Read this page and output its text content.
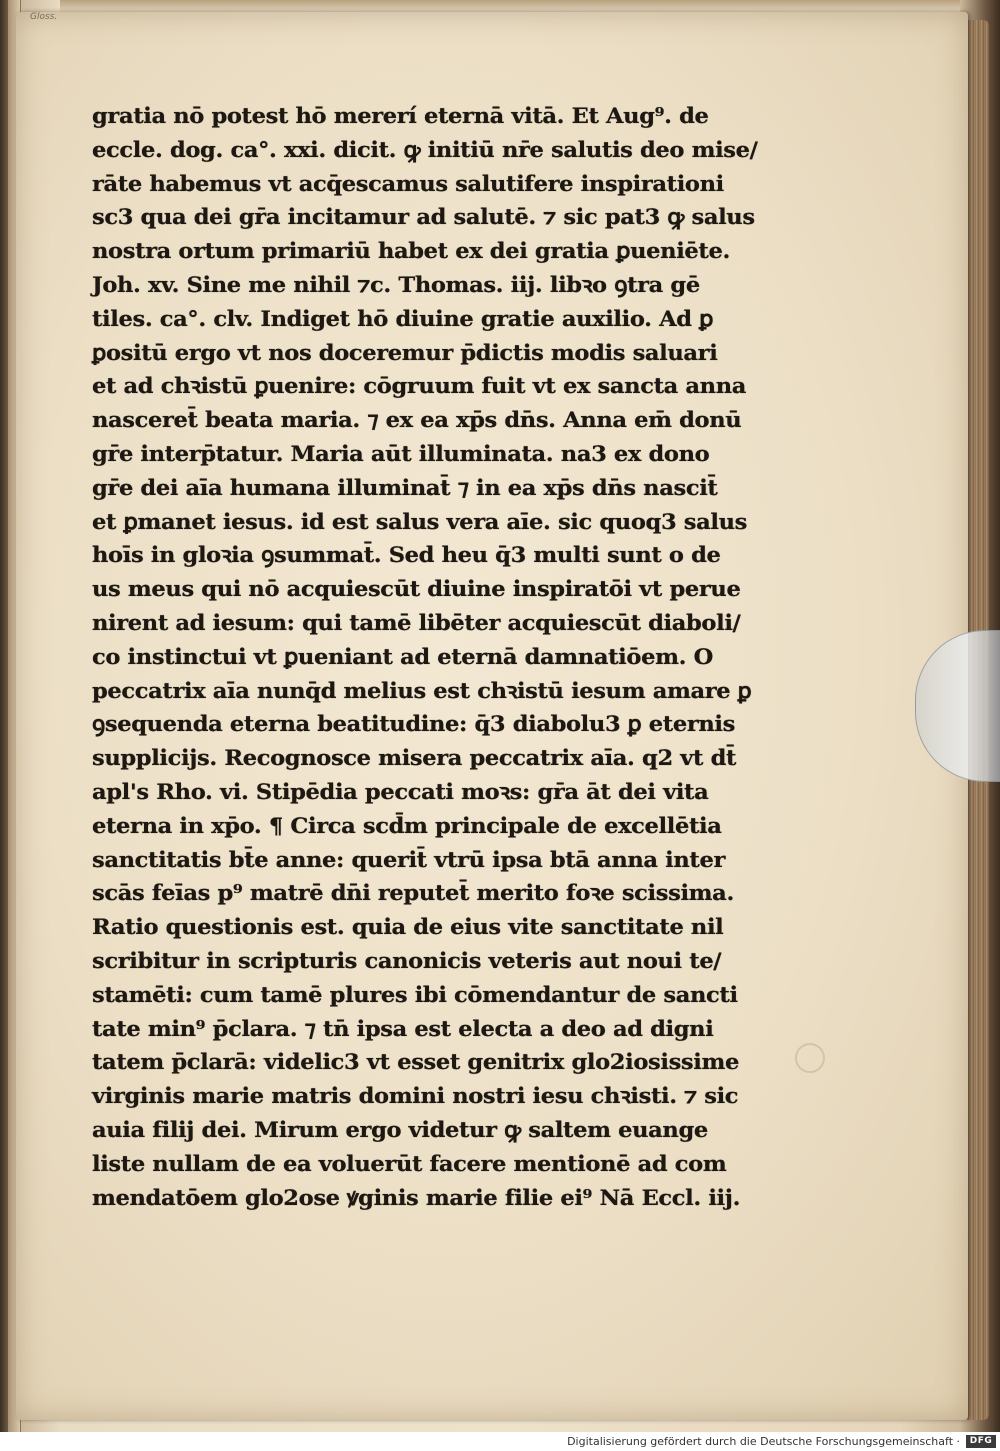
Gloss.
gratia nō potest hō mererí eternā vitā. Et Aug⁹. de
eccle. dog. ca°. xxi. dicit. ꝙ initiū nr̄e salutis deo mise/
rāte habemus vt acq̄escamus salutifere inspirationi
sc3 qua dei gr̄a incitamur ad salutē. ⁊ sic pat3 ꝙ salus
nostra ortum primariū habet ex dei gratia ꝑueniēte.
Joh. xv. Sine me nihil ⁊c. Thomas. iij. libꝛo ꝯtra gē
tiles. ca°. clv. Indiget hō diuine gratie auxilio. Ad ꝑ
ꝑositū ergo vt nos doceremur p̄dictis modis saluari
et ad chꝛistū ꝑuenire: cōgruum fuit vt ex sancta anna
nasceret̄ beata maria. ⁊ ex ea xp̄s dn̄s. Anna em̄ donū
gr̄e interp̄tatur. Maria aūt illuminata. na3 ex dono
gr̄e dei aīa humana illuminat̄ ⁊ in ea xp̄s dn̄s nascit̄
et ꝑmanet iesus. id est salus vera aīe. sic quoq3 salus
hoīs in gloꝛia ꝯsummat̄. Sed heu q̄3 multi sunt o de
us meus qui nō acquiescūt diuine inspiratōi vt perue
nirent ad iesum: qui tamē libēter acquiescūt diaboli/
co instinctui vt ꝑueniant ad eternā damnatiōem. O
peccatrix aīa nunq̄d melius est chꝛistū iesum amare ꝑ
ꝯsequenda eterna beatitudine: q̄3 diabolu3 ꝑ eternis
supplicijs. Recognosce misera peccatrix aīa. q2 vt dt̄
apl's Rho. vi. Stipēdia peccati moꝛs: gr̄a āt dei vita
eterna in xp̄o. ¶ Circa scd̄m principale de excellētia
sanctitatis bt̄e anne: querit̄ vtrū ipsa btā anna inter
scās feīas p⁹ matrē dn̄i reputet̄ merito foꝛe scissima.
Ratio questionis est. quia de eius vite sanctitate nil
scribitur in scripturis canonicis veteris aut noui te/
stamēti: cum tamē plures ibi cōmendantur de sancti
tate min⁹ p̄clara. ⁊ tn̄ ipsa est electa a deo ad digni
tatem p̄clarā: videlic3 vt esset genitrix glo2iosissime
virginis marie matris domini nostri iesu chꝛisti. ⁊ sic
auia filij dei. Mirum ergo videtur ꝙ saltem euange
liste nullam de ea voluerūt facere mentionē ad com
mendatōem glo2ose ꝟginis marie filie ei⁹ Nā Eccl. iij.
Digitalisierung gefördert durch die Deutsche Forschungsgemeinschaft ·	DFG
